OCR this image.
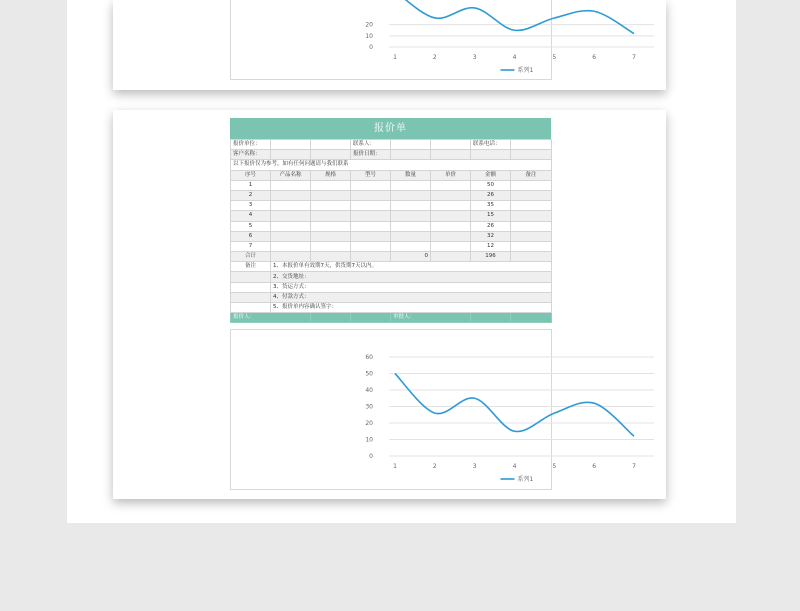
0
10
20
1	2	3	4	5	6	7
系列1
报价单
报价单位：			联系人：			联系电话：	
客户名称：			报价日期：				
以下报价仅为参考，如有任何问题请与我们联系							
序号	产品名称	规格	型号	数量	单价	金额	备注
1						50	
2						26	
3						35	
4						15	
5						26	
6						32	
7						12	
合计				0		196	
备注	1、本报价单有效期7天，供货期7天以内。						
	2、交货地址：						
	3、货运方式：						
	4、付款方式：						
	5、报价单内容确认签字：						
报价人：				审批人：			
0
10
20
30
40
50
60
1	2	3	4	5	6	7
系列1
